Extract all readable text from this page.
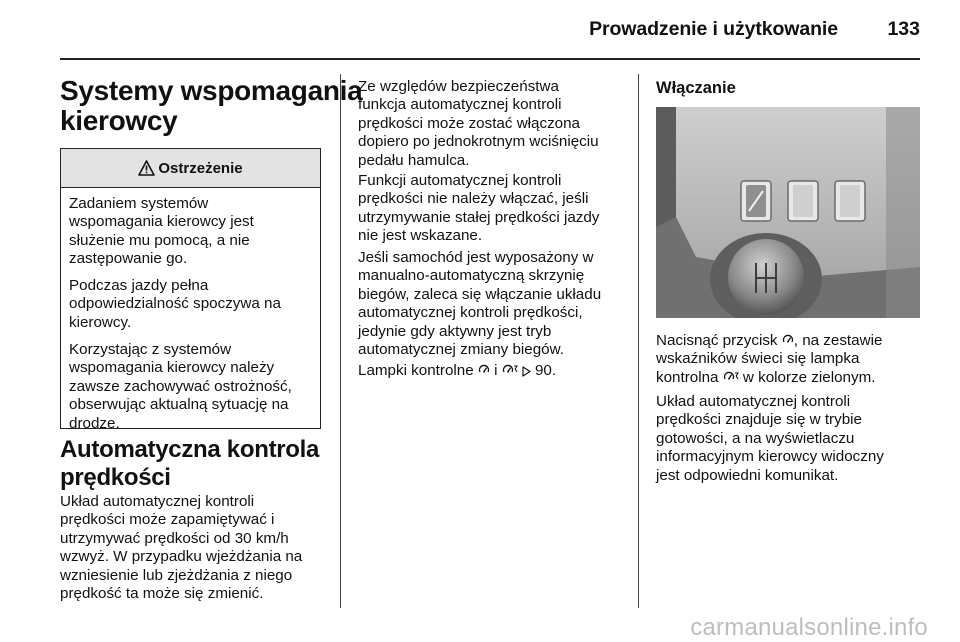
Prowadzenie i użytkowanie	133
Systemy wspomagania
kierowcy
Ostrzeżenie
Zadaniem systemów
wspomagania kierowcy jest
służenie mu pomocą, a nie
zastępowanie go.
Podczas jazdy pełna
odpowiedzialność spoczywa na
kierowcy.
Korzystając z systemów
wspomagania kierowcy należy
zawsze zachowywać ostrożność,
obserwując aktualną sytuację na
drodze.
Automatyczna kontrola
prędkości
Układ automatycznej kontroli
prędkości może zapamiętywać i
utrzymywać prędkości od 30 km/h
wzwyż. W przypadku wjeżdżania na
wzniesienie lub zjeżdżania z niego
prędkość ta może się zmienić.
Ze względów bezpieczeństwa
funkcja automatycznej kontroli
prędkości może zostać włączona
dopiero po jednokrotnym wciśnięciu
pedału hamulca.
Funkcji automatycznej kontroli
prędkości nie należy włączać, jeśli
utrzymywanie stałej prędkości jazdy
nie jest wskazane.
Jeśli samochód jest wyposażony w
manualno-automatyczną skrzynię
biegów, zaleca się włączanie układu
automatycznej kontroli prędkości,
jedynie gdy aktywny jest tryb
automatycznej zmiany biegów.
Lampki kontrolne  i  90.
Włączanie
Nacisnąć przycisk , na zestawie
wskaźników świeci się lampka
kontrolna  w kolorze zielonym.
Układ automatycznej kontroli
prędkości znajduje się w trybie
gotowości, a na wyświetlaczu
informacyjnym kierowcy widoczny
jest odpowiedni komunikat.
carmanualsonline.info
